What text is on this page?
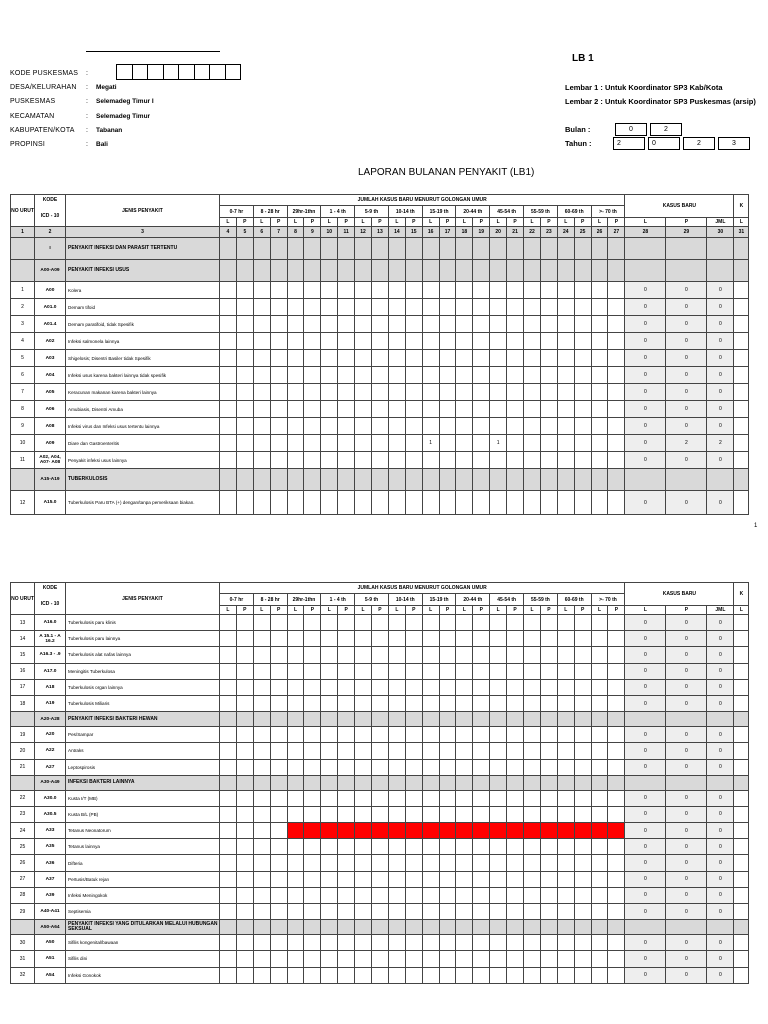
LB 1
KODE PUSKESMAS	:
DESA/KELURAHAN	:	Megati
PUSKESMAS	:	Selemadeg Timur I
KECAMATAN	:	Selemadeg Timur
KABUPATEN/KOTA	:	Tabanan
PROPINSI	:	Bali
Lembar 1 : Untuk Koordinator SP3 Kab/Kota
Lembar 2 : Untuk Koordinator SP3 Puskesmas (arsip)
Bulan :	0	2
Tahun :	2	0	2	3
LAPORAN BULANAN PENYAKIT (LB1)
NO URUT	KODE	JENIS PENYAKIT	JUMLAH KASUS BARU MENURUT GOLONGAN UMUR																								KASUS BARU			K
	ICD - 10		0-7 hr		8 - 28 hr		29hr-1thn		1 - 4 th		5-9 th		10-14 th		15-19 th		20-44 th		45-54 th		55-59 th		60-69 th		>- 70 th					
			L	P	L	P	L	P	L	P	L	P	L	P	L	P	L	P	L	P	L	P	L	P	L	P	L	P	JML	L
1	2	3	4	5	6	7	8	9	10	11	12	13	14	15	16	17	18	19	20	21	22	23	24	25	26	27	28	29	30	31
	I	PENYAKIT INFEKSI DAN PARASIT TERTENTU																												
	A00-A09	PENYAKIT INFEKSI USUS																												
1	A00	Kolera																									0	0	0	
2	A01.0	Demam tifoid																									0	0	0	
3	A01.4	Demam paratifoid, tidak Spesifik																									0	0	0	
4	A02	Infeksi salmonela lainnya																									0	0	0	
5	A03	Shigelosis; Disentri Basiler tidak Spesifik																									0	0	0	
6	A04	Infeksi usus karena bakteri lainnya tidak spesifik																									0	0	0	
7	A05	Keracunan makanan karena bakteri lainnya																									0	0	0	
8	A06	Amubiasis, Disentri Amuba																									0	0	0	
9	A08	Infeksi virus dan Infeksi usus tertentu lainnya																									0	0	0	
10	A09	Diare dan Gastroenteritis													1				1								0	2	2	
11	A02, A04, A07- A08	Penyakit infeksi usus lainnya																									0	0	0	
	A15-A19	TUBERKULOSIS																												
12	A15.0	Tuberkulosis Paru BTA (+) dengan/tanpa pemeriksaan biakan.																									0	0	0	
1
NO URUT	KODE	JENIS PENYAKIT	JUMLAH KASUS BARU MENURUT GOLONGAN UMUR																								KASUS BARU			K
	ICD - 10		0-7 hr		8 - 28 hr		29hr-1thn		1 - 4 th		5-9 th		10-14 th		15-19 th		20-44 th		45-54 th		55-59 th		60-69 th		>- 70 th					
			L	P	L	P	L	P	L	P	L	P	L	P	L	P	L	P	L	P	L	P	L	P	L	P	L	P	JML	L
13	A16.0	Tuberkulosis paru klinis																									0	0	0	
14	A 15.1 - A 16.2	Tuberkulosis paru lainnya																									0	0	0	
15	A16.3 - .9	Tuberkulosis alat nafas lainnya																									0	0	0	
16	A17.0	Meningitis Tuberkulosa																									0	0	0	
17	A18	Tuberkulosis organ lainnya																									0	0	0	
18	A19	Tuberkulosis Miliaris																									0	0	0	
	A20-A28	PENYAKIT INFEKSI BAKTERI HEWAN																												
19	A20	Pes/Sampar																									0	0	0	
20	A22	Antraks																									0	0	0	
21	A27	Leptospirosis																									0	0	0	
	A30-A49	INFEKSI BAKTERI LAINNYA																												
22	A30.0	Kusta I/T (MB)																									0	0	0	
23	A30.5	Kusta B/L (PB)																									0	0	0	
24	A33	Tetanus Neonatorum																									0	0	0	
25	A35	Tetanus lainnya																									0	0	0	
26	A36	Difteria																									0	0	0	
27	A37	Pertusis/Batuk rejan																									0	0	0	
28	A39	Infeksi Meningokok																									0	0	0	
29	A40-A41	Septisemia																									0	0	0	
	A50-A64	PENYAKIT INFEKSI YANG DITULARKAN MELALUI HUBUNGAN SEKSUAL																												
30	A50	Sifilis kongenital/bawaan																									0	0	0	
31	A51	Sifilis dini																									0	0	0	
32	A54	Infeksi Gonokok																									0	0	0	
